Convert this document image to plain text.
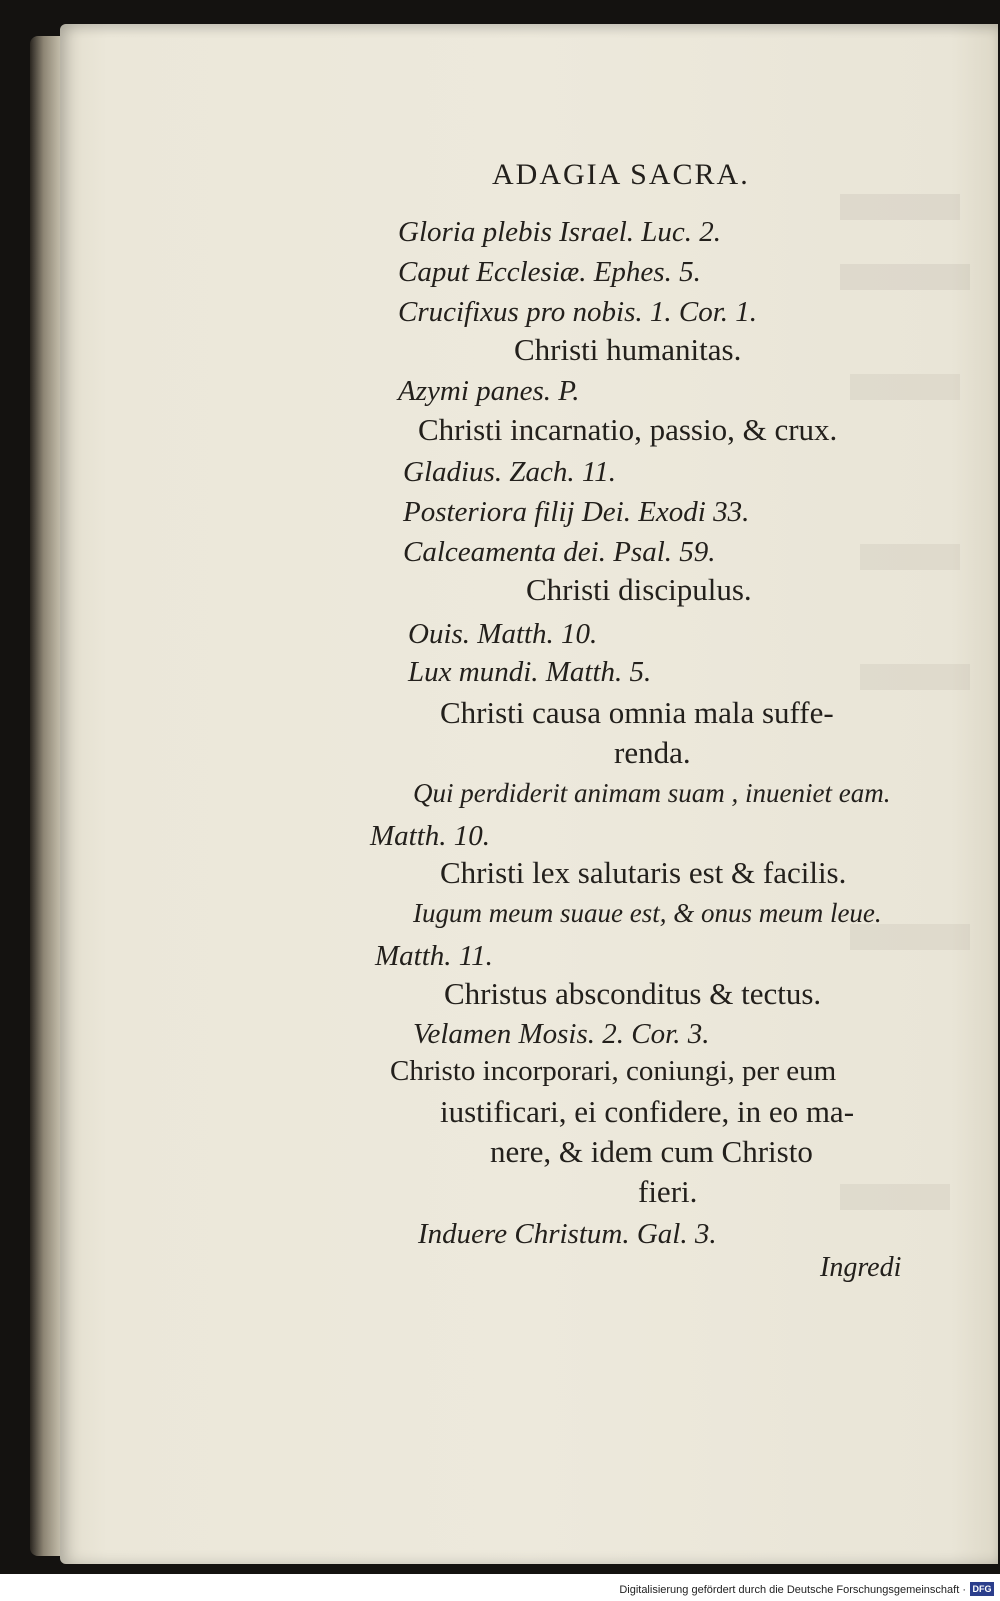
ADAGIA SACRA.
Gloria plebis Israel. Luc. 2.
Caput Ecclesiæ. Ephes. 5.
Crucifixus pro nobis. 1. Cor. 1.
Christi humanitas.
Azymi panes. P.
Christi incarnatio, passio, & crux.
Gladius. Zach. 11.
Posteriora filij Dei. Exodi 33.
Calceamenta dei. Psal. 59.
Christi discipulus.
Ouis. Matth. 10.
Lux mundi. Matth. 5.
Christi causa omnia mala suffe-
renda.
Qui perdiderit animam suam , inueniet eam.
Matth. 10.
Christi lex salutaris est & facilis.
Iugum meum suaue est, & onus meum leue.
Matth. 11.
Christus absconditus & tectus.
Velamen Mosis. 2. Cor. 3.
Christo incorporari, coniungi, per eum
iustificari, ei confidere, in eo ma-
nere, & idem cum Christo
fieri.
Induere Christum. Gal. 3.
Ingredi
Digitalisierung gefördert durch die Deutsche Forschungsgemeinschaft · DFG
